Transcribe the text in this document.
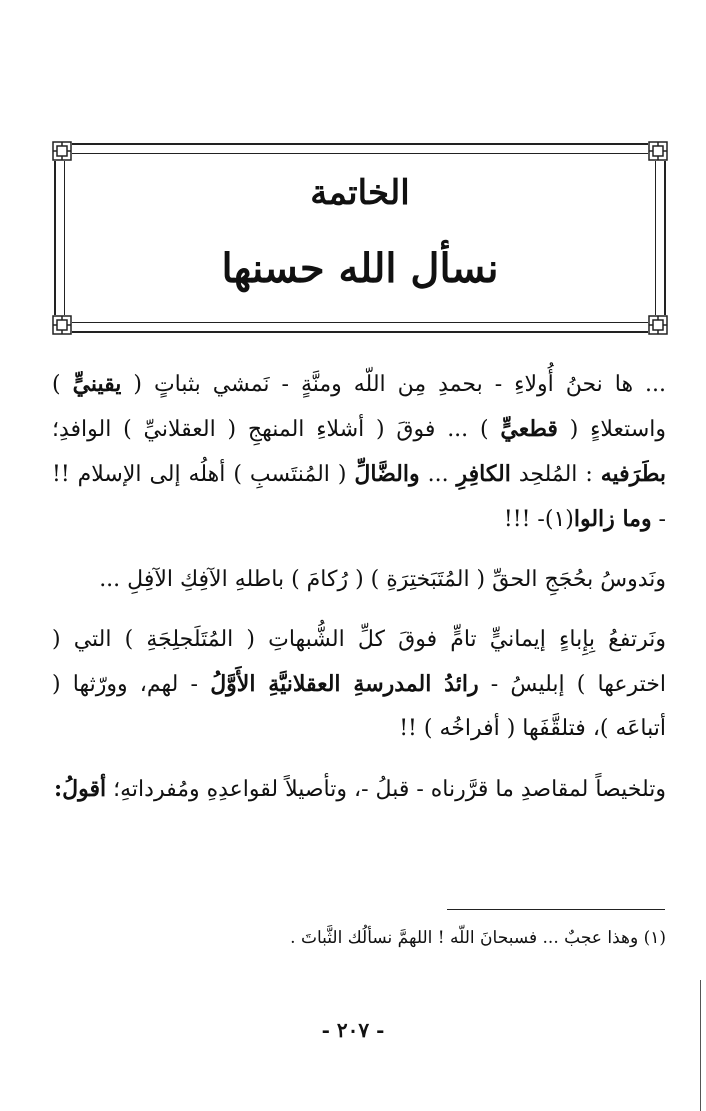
الخاتمة
نسأل الله حسنها

... ها نحنُ أُولاءِ - بحمدِ مِن اللّه ومنَّةٍ - نَمشي بثباتٍ ( يقينيٍّ ) واستعلاءٍ ( قطعيٍّ ) ... فوقَ ( أشلاءِ المنهجِ ( العقلانيِّ ) الوافدِ؛ بطَرَفيه : المُلحِد الكافِرِ ... والضَّالِّ ( المُنتَسبِ ) أهلُه إلى الإسلام !! - وما زالوا(١)- !!!

ونَدوسُ بحُجَجِ الحقِّ ( المُتَبَختِرَةِ ) ( رُكامَ ) باطلهِ الآفِكِ الآفِلِ ...

ونَرتفعُ بِإِباءٍ إيمانيٍّ تامٍّ فوقَ كلِّ الشُّبهاتِ ( المُتَلَجلِجَةِ ) التي ( اخترعها ) إبليسُ - رائدُ المدرسةِ العقلانيَّةِ الأَوَّلُ - لهم، وورّثها ( أتباعَه )، فتلقَّفَها ( أفراخُه ) !!

وتلخيصاً لمقاصدِ ما قرَّرناه - قبلُ -، وتأصيلاً لقواعدِهِ ومُفرداتهِ؛ أقولُ:

(١) وهذا عجبٌ ... فسبحانَ اللّه ! اللهمَّ نسألُك الثَّباتَ .
- ٢٠٧ -
